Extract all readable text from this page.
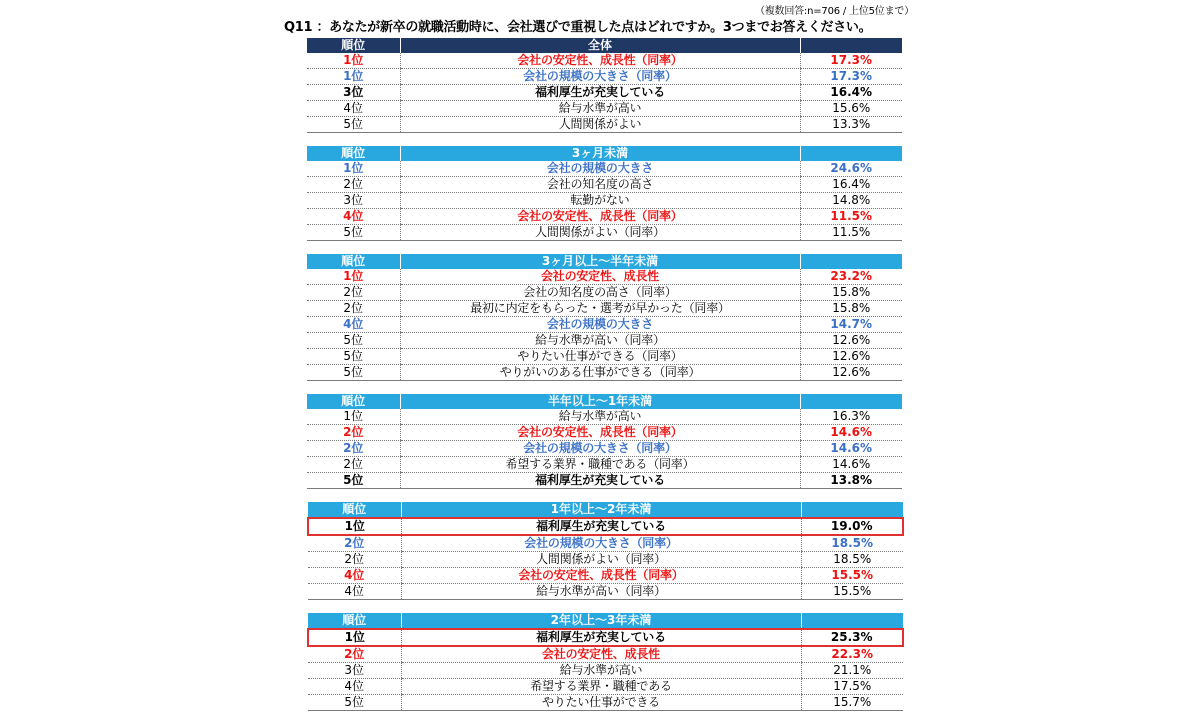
（複数回答:n=706 / 上位5位まで）
Q11 ：あなたが新卒の就職活動時に、会社選びで重視した点はどれですか。3つまでお答えください。
順位	全体	
1位	会社の安定性、成長性（同率）	17.3%
1位	会社の規模の大きさ（同率）	17.3%
3位	福利厚生が充実している	16.4%
4位	給与水準が高い	15.6%
5位	人間関係がよい	13.3%
順位	3ヶ月未満	
1位	会社の規模の大きさ	24.6%
2位	会社の知名度の高さ	16.4%
3位	転勤がない	14.8%
4位	会社の安定性、成長性（同率）	11.5%
5位	人間関係がよい（同率）	11.5%
順位	3ヶ月以上～半年未満	
1位	会社の安定性、成長性	23.2%
2位	会社の知名度の高さ（同率）	15.8%
2位	最初に内定をもらった・選考が早かった（同率）	15.8%
4位	会社の規模の大きさ	14.7%
5位	給与水準が高い（同率）	12.6%
5位	やりたい仕事ができる（同率）	12.6%
5位	やりがいのある仕事ができる（同率）	12.6%
順位	半年以上～1年未満	
1位	給与水準が高い	16.3%
2位	会社の安定性、成長性（同率）	14.6%
2位	会社の規模の大きさ（同率）	14.6%
2位	希望する業界・職種である（同率）	14.6%
5位	福利厚生が充実している	13.8%
順位	1年以上～2年未満	
1位	福利厚生が充実している	19.0%
2位	会社の規模の大きさ（同率）	18.5%
2位	人間関係がよい（同率）	18.5%
4位	会社の安定性、成長性（同率）	15.5%
4位	給与水準が高い（同率）	15.5%
順位	2年以上～3年未満	
1位	福利厚生が充実している	25.3%
2位	会社の安定性、成長性	22.3%
3位	給与水準が高い	21.1%
4位	希望する業界・職種である	17.5%
5位	やりたい仕事ができる	15.7%
